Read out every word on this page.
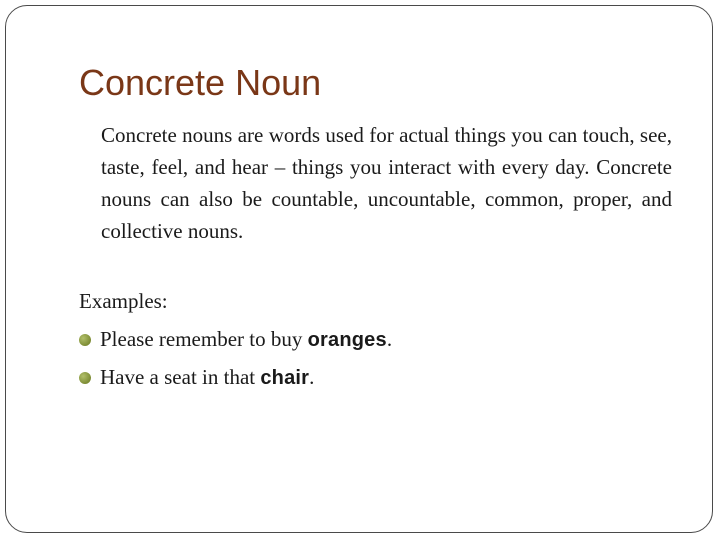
Concrete Noun

Concrete nouns are words used for actual things you can touch, see, taste, feel, and hear – things you interact with every day. Concrete nouns can also be countable, uncountable, common, proper, and collective nouns.

Examples:

Please remember to buy oranges.

Have a seat in that chair.
